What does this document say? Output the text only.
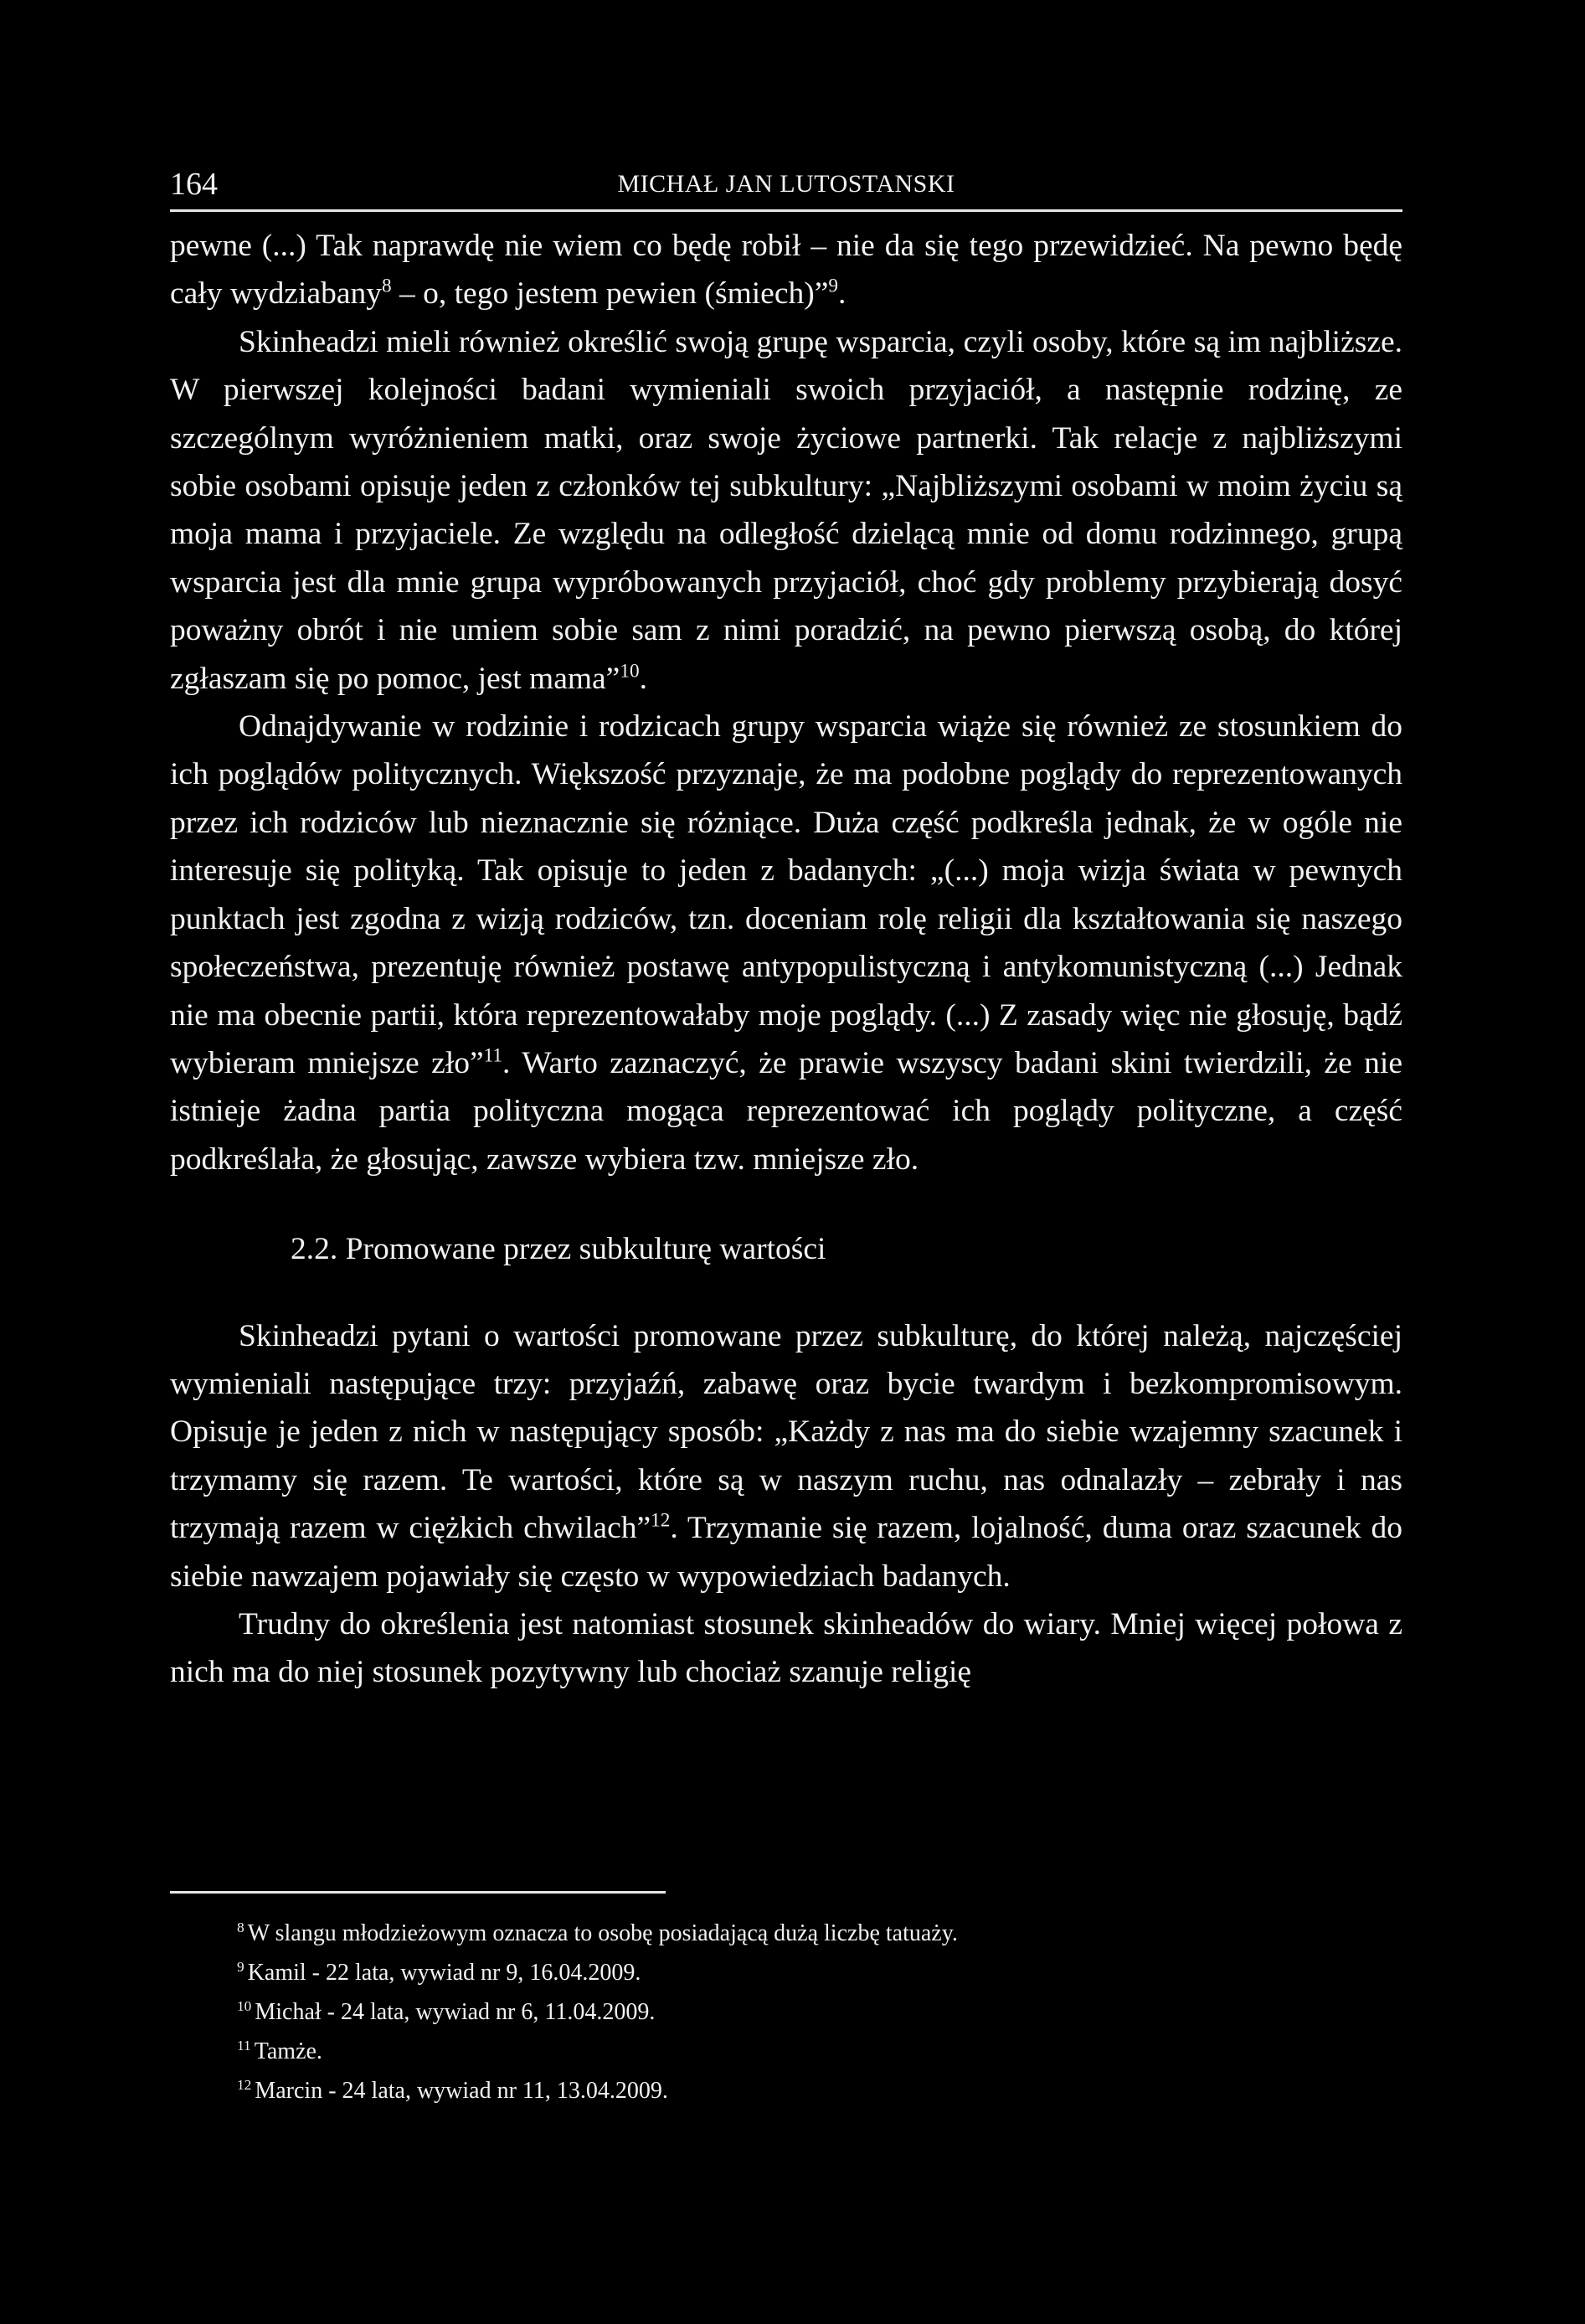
164	MICHAŁ JAN LUTOSTANSKI

pewne (...) Tak naprawdę nie wiem co będę robił – nie da się tego przewidzieć. Na pewno będę cały wydziabany$^8$ – o, tego jestem pewien (śmiech)”$^9$.

Skinheadzi mieli również określić swoją grupę wsparcia, czyli osoby, które są im najbliższe. W pierwszej kolejności badani wymieniali swoich przyjaciół, a następnie rodzinę, ze szczególnym wyróżnieniem matki, oraz swoje życiowe partnerki. Tak relacje z najbliższymi sobie osobami opisuje jeden z członków tej subkultury: „Najbliższymi osobami w moim życiu są moja mama i przyjaciele. Ze względu na odległość dzielącą mnie od domu rodzinnego, grupą wsparcia jest dla mnie grupa wypróbowanych przyjaciół, choć gdy problemy przybierają dosyć poważny obrót i nie umiem sobie sam z nimi poradzić, na pewno pierwszą osobą, do której zgłaszam się po pomoc, jest mama”$^{10}$.

Odnajdywanie w rodzinie i rodzicach grupy wsparcia wiąże się również ze stosunkiem do ich poglądów politycznych. Większość przyznaje, że ma podobne poglądy do reprezentowanych przez ich rodziców lub nieznacznie się różniące. Duża część podkreśla jednak, że w ogóle nie interesuje się polityką. Tak opisuje to jeden z badanych: „(...) moja wizja świata w pewnych punktach jest zgodna z wizją rodziców, tzn. doceniam rolę religii dla kształtowania się naszego społeczeństwa, prezentuję również postawę antypopulistyczną i antykomunistyczną (...) Jednak nie ma obecnie partii, która reprezentowałaby moje poglądy. (...) Z zasady więc nie głosuję, bądź wybieram mniejsze zło”$^{11}$. Warto zaznaczyć, że prawie wszyscy badani skini twierdzili, że nie istnieje żadna partia polityczna mogąca reprezentować ich poglądy polityczne, a część podkreślała, że głosując, zawsze wybiera tzw. mniejsze zło.

2.2. Promowane przez subkulturę wartości

Skinheadzi pytani o wartości promowane przez subkulturę, do której należą, najczęściej wymieniali następujące trzy: przyjaźń, zabawę oraz bycie twardym i bezkompromisowym. Opisuje je jeden z nich w następujący sposób: „Każdy z nas ma do siebie wzajemny szacunek i trzymamy się razem. Te wartości, które są w naszym ruchu, nas odnalazły – zebrały i nas trzymają razem w ciężkich chwilach”$^{12}$. Trzymanie się razem, lojalność, duma oraz szacunek do siebie nawzajem pojawiały się często w wypowiedziach badanych.

Trudny do określenia jest natomiast stosunek skinheadów do wiary. Mniej więcej połowa z nich ma do niej stosunek pozytywny lub chociaż szanuje religię

$^8$ W slangu młodzieżowym oznacza to osobę posiadającą dużą liczbę tatuaży.
$^9$ Kamil - 22 lata, wywiad nr 9, 16.04.2009.
$^{10}$ Michał - 24 lata, wywiad nr 6, 11.04.2009.
$^{11}$ Tamże.
$^{12}$ Marcin - 24 lata, wywiad nr 11, 13.04.2009.
